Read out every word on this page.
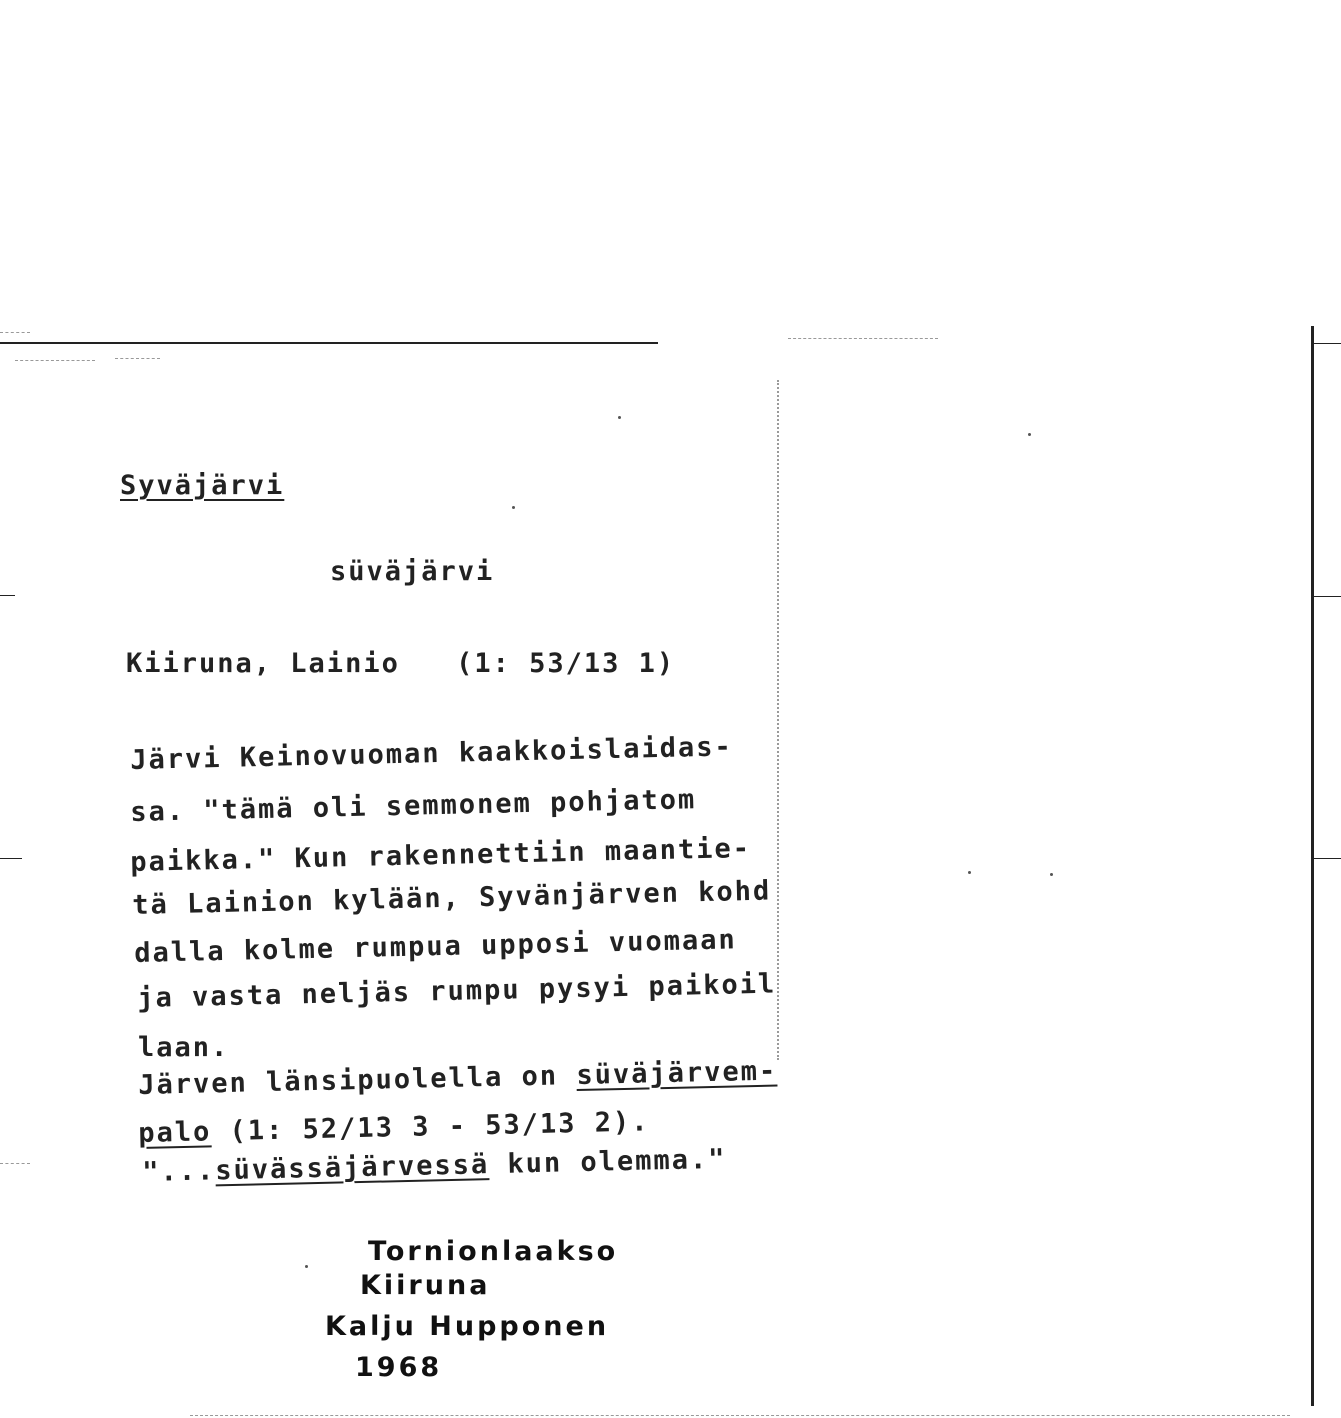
Syväjärvi
süväjärvi
Kiiruna, Lainio (1: 53/13 1)
Järvi Keinovuoman kaakkoislaidas-
sa. "tämä oli semmonem pohjatom
paikka." Kun rakennettiin maantie-
tä Lainion kylään, Syvänjärven kohd
dalla kolme rumpua upposi vuomaan
ja vasta neljäs rumpu pysyi paikoil
laan.
Järven länsipuolella on süväjärvem-
palo (1: 52/13 3 - 53/13 2).
"...süvässäjärvessä kun olemma."
Tornionlaakso
Kiiruna
Kalju Hupponen
1968
